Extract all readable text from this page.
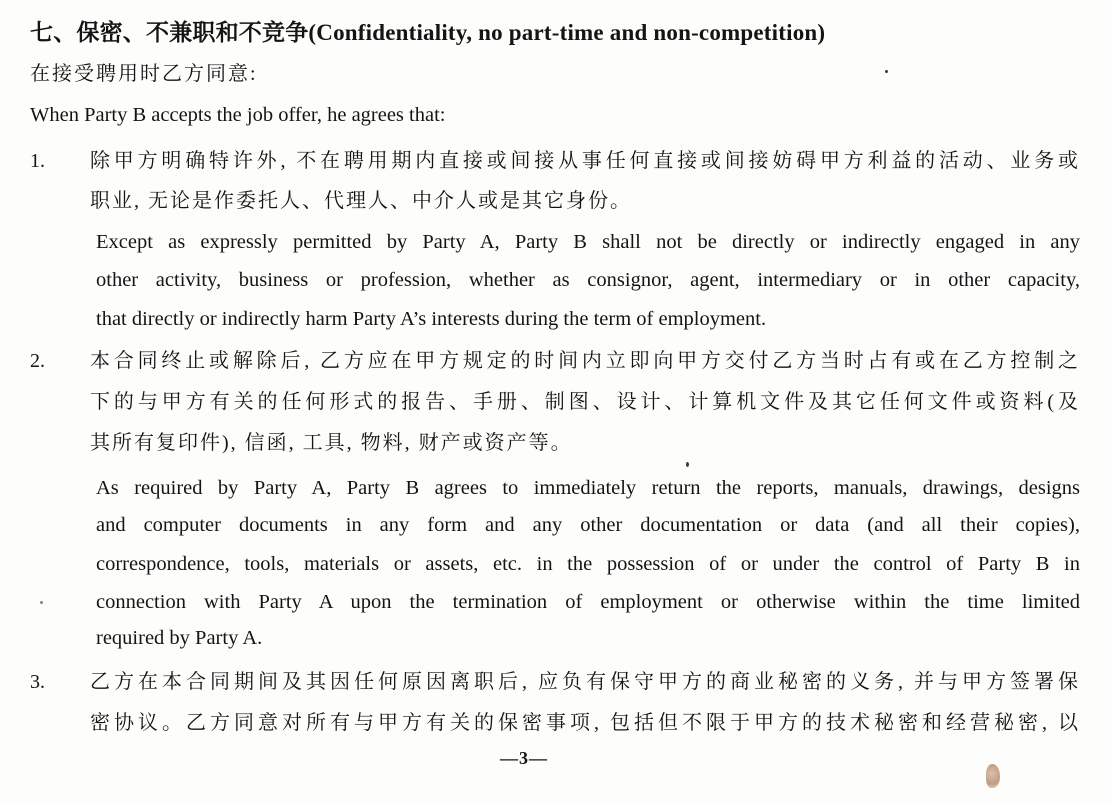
七、保密、不兼职和不竞争(Confidentiality, no part-time and non-competition)
在接受聘用时乙方同意:
When Party B accepts the job offer, he agrees that:
1. 除甲方明确特许外, 不在聘用期内直接或间接从事任何直接或间接妨碍甲方利益的活动、业务或
职业, 无论是作委托人、代理人、中介人或是其它身份。
Except as expressly permitted by Party A, Party B shall not be directly or indirectly engaged in any
other activity, business or profession, whether as consignor, agent, intermediary or in other capacity,
that directly or indirectly harm Party A’s interests during the term of employment.
2. 本合同终止或解除后, 乙方应在甲方规定的时间内立即向甲方交付乙方当时占有或在乙方控制之
下的与甲方有关的任何形式的报告、手册、制图、设计、计算机文件及其它任何文件或资料(及
其所有复印件), 信函, 工具, 物料, 财产或资产等。
As required by Party A, Party B agrees to immediately return the reports, manuals, drawings, designs
and computer documents in any form and any other documentation or data (and all their copies),
correspondence, tools, materials or assets, etc. in the possession of or under the control of Party B in
connection with Party A upon the termination of employment or otherwise within the time limited
required by Party A.
3. 乙方在本合同期间及其因任何原因离职后, 应负有保守甲方的商业秘密的义务, 并与甲方签署保
密协议。乙方同意对所有与甲方有关的保密事项, 包括但不限于甲方的技术秘密和经营秘密, 以
—3—
